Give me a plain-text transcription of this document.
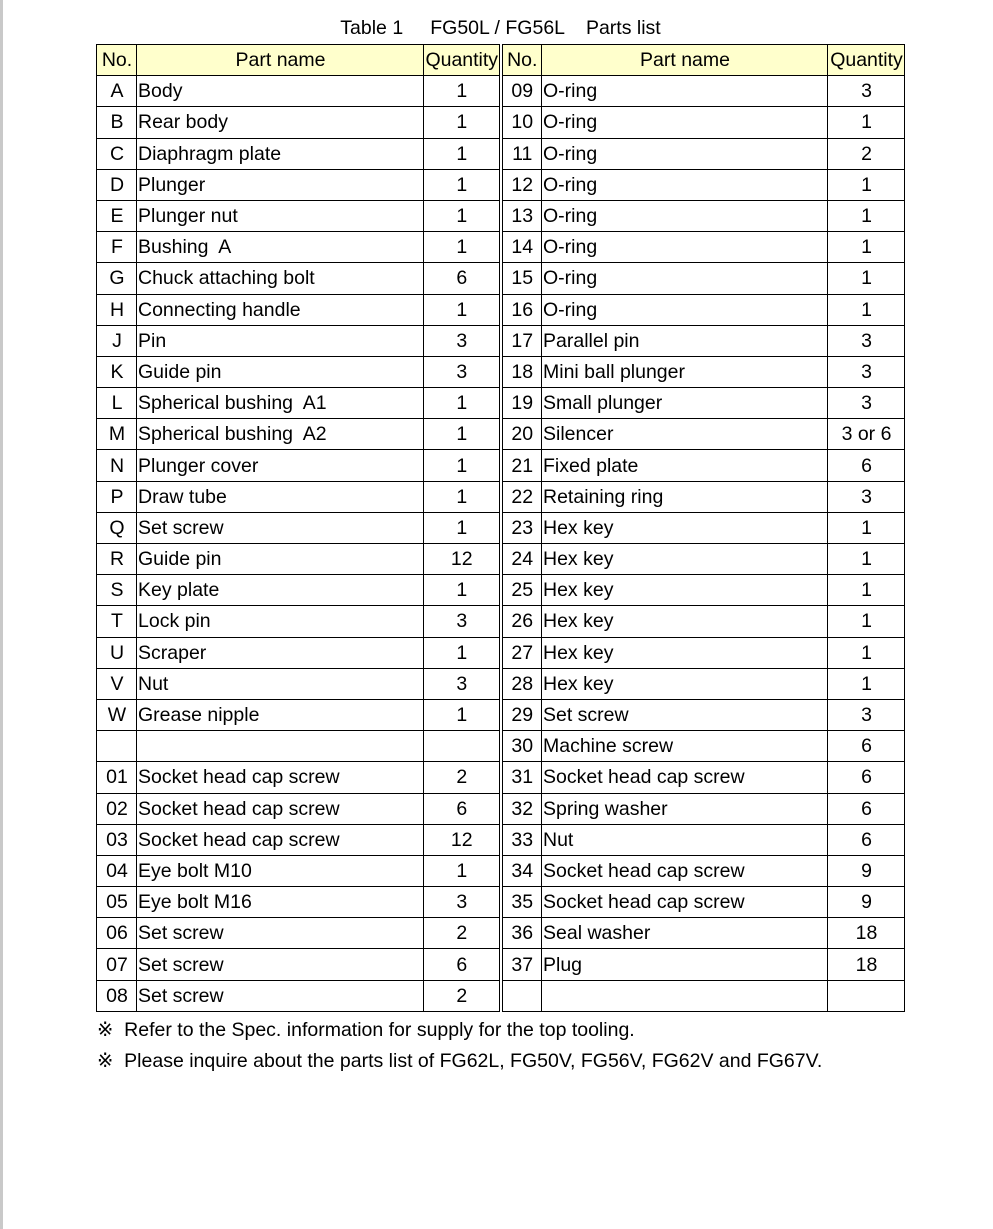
Table 1     FG50L / FG56L    Parts list
No.	Part name	Quantity	No.	Part name	Quantity
A	Body	1	09	O-ring	3
B	Rear body	1	10	O-ring	1
C	Diaphragm plate	1	11	O-ring	2
D	Plunger	1	12	O-ring	1
E	Plunger nut	1	13	O-ring	1
F	Bushing  A	1	14	O-ring	1
G	Chuck attaching bolt	6	15	O-ring	1
H	Connecting handle	1	16	O-ring	1
J	Pin	3	17	Parallel pin	3
K	Guide pin	3	18	Mini ball plunger	3
L	Spherical bushing  A1	1	19	Small plunger	3
M	Spherical bushing  A2	1	20	Silencer	3 or 6
N	Plunger cover	1	21	Fixed plate	6
P	Draw tube	1	22	Retaining ring	3
Q	Set screw	1	23	Hex key	1
R	Guide pin	12	24	Hex key	1
S	Key plate	1	25	Hex key	1
T	Lock pin	3	26	Hex key	1
U	Scraper	1	27	Hex key	1
V	Nut	3	28	Hex key	1
W	Grease nipple	1	29	Set screw	3
			30	Machine screw	6
01	Socket head cap screw	2	31	Socket head cap screw	6
02	Socket head cap screw	6	32	Spring washer	6
03	Socket head cap screw	12	33	Nut	6
04	Eye bolt M10	1	34	Socket head cap screw	9
05	Eye bolt M16	3	35	Socket head cap screw	9
06	Set screw	2	36	Seal washer	18
07	Set screw	6	37	Plug	18
08	Set screw	2			
※  Refer to the Spec. information for supply for the top tooling.
※  Please inquire about the parts list of FG62L, FG50V, FG56V, FG62V and FG67V.
